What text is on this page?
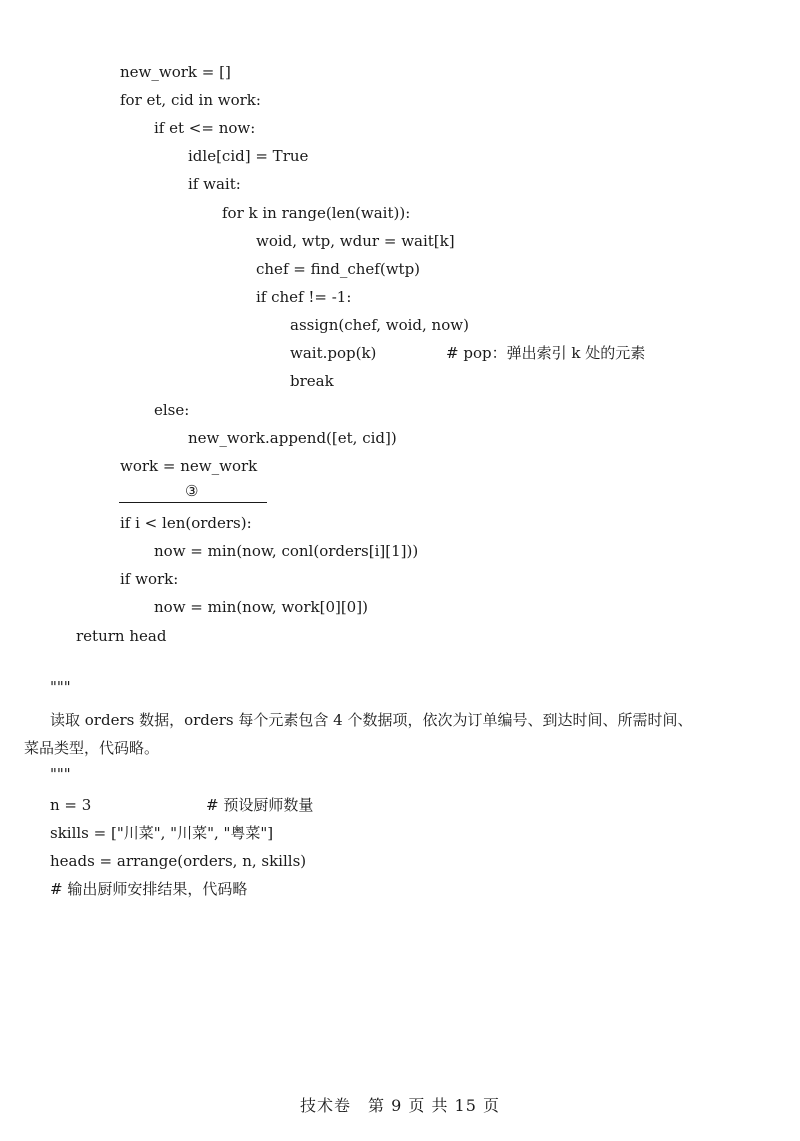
new_work = []
for et, cid in work:
if et <= now:
idle[cid] = True
if wait:
for k in range(len(wait)):
woid, wtp, wdur = wait[k]
chef = find_chef(wtp)
if chef != -1:
assign(chef, woid, now)
wait.pop(k)	# pop：弹出索引 k 处的元素
break
else:
new_work.append([et, cid])
work = new_work
③
if i < len(orders):
now = min(now, conl(orders[i][1]))
if work:
now = min(now, work[0][0])
return head
"""
读取 orders 数据，orders 每个元素包含 4 个数据项，依次为订单编号、到达时间、所需时间、
菜品类型，代码略。
"""
n = 3	# 预设厨师数量
skills = ["川菜", "川菜", "粤菜"]
heads = arrange(orders, n, skills)
# 输出厨师安排结果，代码略
技术卷　第 9 页 共 15 页
